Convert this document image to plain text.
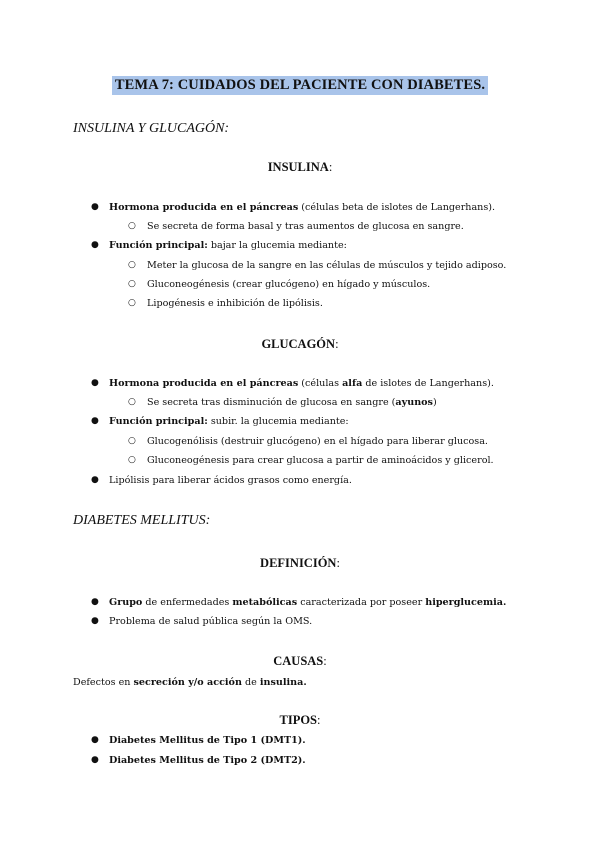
TEMA 7: CUIDADOS DEL PACIENTE CON DIABETES.
INSULINA Y GLUCAGÓN:
INSULINA:
● Hormona producida en el páncreas (células beta de islotes de Langerhans).
○ Se secreta de forma basal y tras aumentos de glucosa en sangre.
● Función principal: bajar la glucemia mediante:
○ Meter la glucosa de la sangre en las células de músculos y tejido adiposo.
○ Gluconeogénesis (crear glucógeno) en hígado y músculos.
○ Lipogénesis e inhibición de lipólisis.
GLUCAGÓN:
● Hormona producida en el páncreas (células alfa de islotes de Langerhans).
○ Se secreta tras disminución de glucosa en sangre (ayunos)
● Función principal: subir. la glucemia mediante:
○ Glucogenólisis (destruir glucógeno) en el hígado para liberar glucosa.
○ Gluconeogénesis para crear glucosa a partir de aminoácidos y glicerol.
● Lipólisis para liberar ácidos grasos como energía.
DIABETES MELLITUS:
DEFINICIÓN:
● Grupo de enfermedades metabólicas caracterizada por poseer hiperglucemia.
● Problema de salud pública según la OMS.
CAUSAS:
Defectos en secreción y/o acción de insulina.
TIPOS:
● Diabetes Mellitus de Tipo 1 (DMT1).
● Diabetes Mellitus de Tipo 2 (DMT2).
